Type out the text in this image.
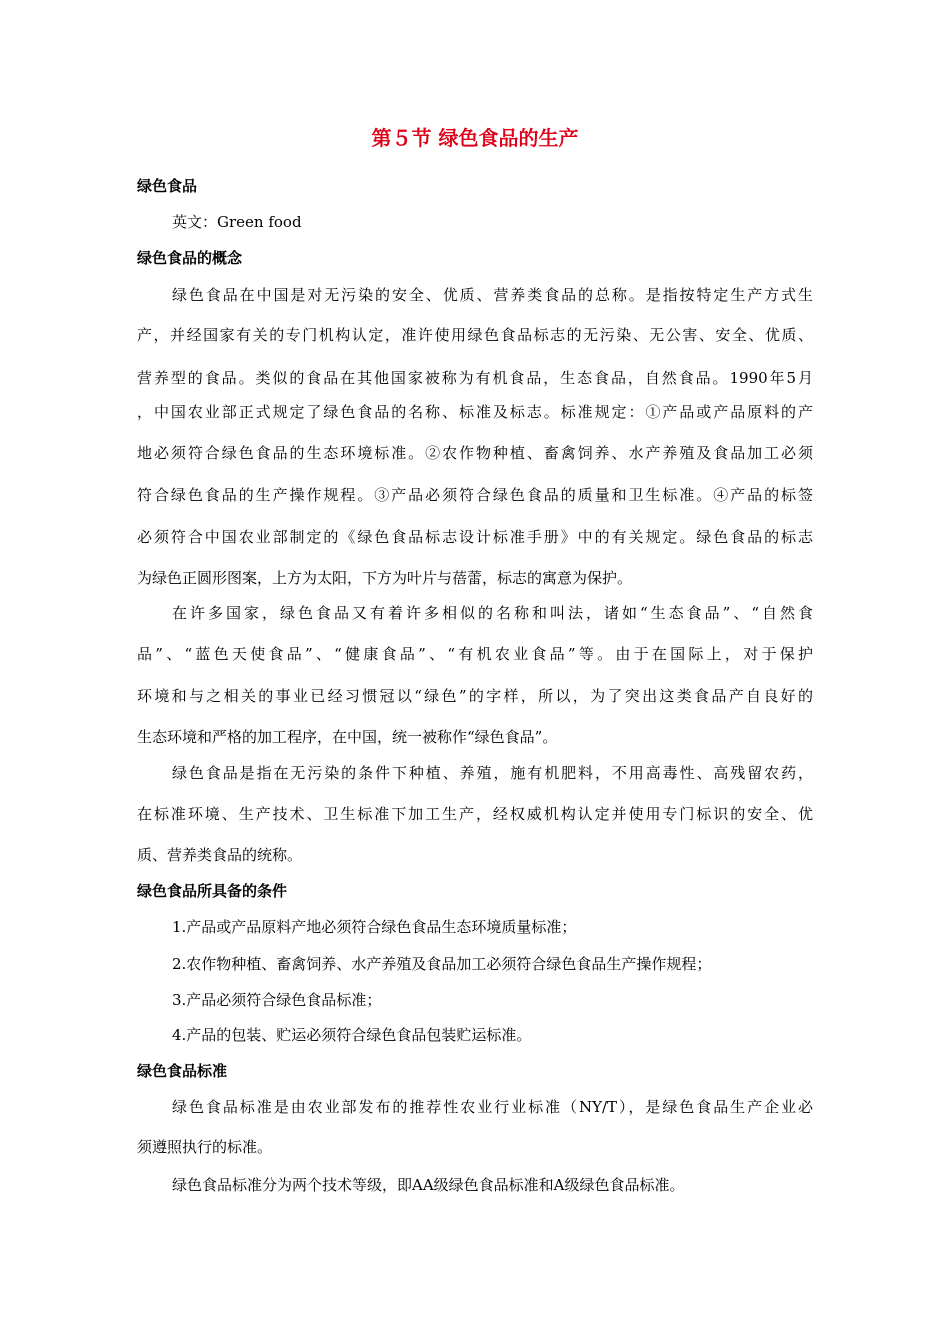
第５节 绿色食品的生产
绿色食品
英文：Green food
绿色食品的概念
绿色食品在中国是对无污染的安全、优质、营养类食品的总称。是指按特定生产方式生
产，并经国家有关的专门机构认定，准许使用绿色食品标志的无污染、无公害、安全、优质、
营养型的食品。类似的食品在其他国家被称为有机食品，生态食品，自然食品。1990年5月
，中国农业部正式规定了绿色食品的名称、标准及标志。标准规定：①产品或产品原料的产
地必须符合绿色食品的生态环境标准。②农作物种植、畜禽饲养、水产养殖及食品加工必须
符合绿色食品的生产操作规程。③产品必须符合绿色食品的质量和卫生标准。④产品的标签
必须符合中国农业部制定的《绿色食品标志设计标准手册》中的有关规定。绿色食品的标志
为绿色正圆形图案，上方为太阳，下方为叶片与蓓蕾，标志的寓意为保护。
在许多国家，绿色食品又有着许多相似的名称和叫法，诸如“生态食品”、“自然食
品”、“蓝色天使食品”、“健康食品”、“有机农业食品”等。由于在国际上，对于保护
环境和与之相关的事业已经习惯冠以“绿色”的字样，所以，为了突出这类食品产自良好的
生态环境和严格的加工程序，在中国，统一被称作“绿色食品”。
绿色食品是指在无污染的条件下种植、养殖，施有机肥料，不用高毒性、高残留农药，
在标准环境、生产技术、卫生标准下加工生产，经权威机构认定并使用专门标识的安全、优
质、营养类食品的统称。
绿色食品所具备的条件
1.产品或产品原料产地必须符合绿色食品生态环境质量标准；
2.农作物种植、畜禽饲养、水产养殖及食品加工必须符合绿色食品生产操作规程；
3.产品必须符合绿色食品标准；
4.产品的包装、贮运必须符合绿色食品包装贮运标准。
绿色食品标准
绿色食品标准是由农业部发布的推荐性农业行业标准（NY/T），是绿色食品生产企业必
须遵照执行的标准。
绿色食品标准分为两个技术等级，即AA级绿色食品标准和A级绿色食品标准。
